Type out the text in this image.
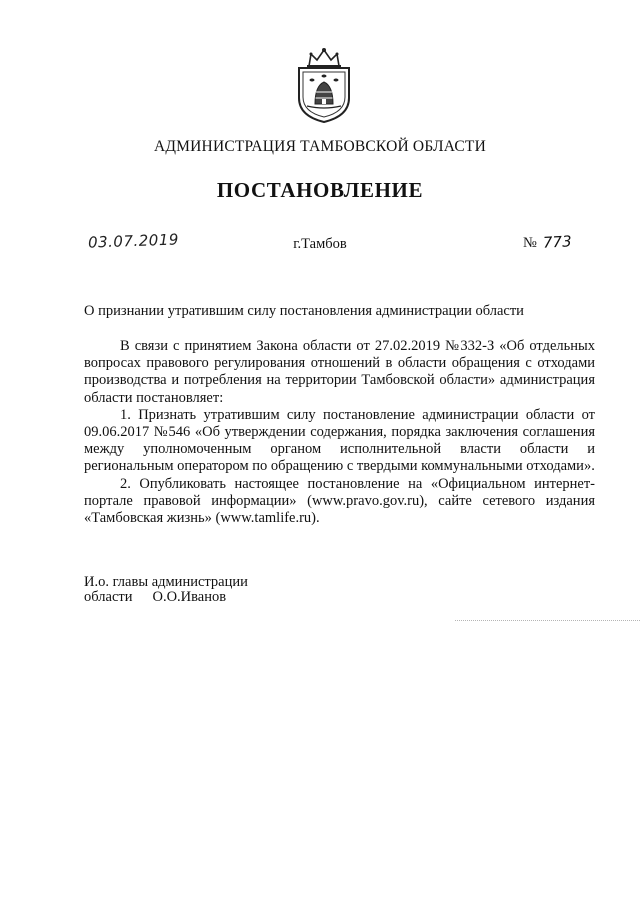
АДМИНИСТРАЦИЯ ТАМБОВСКОЙ ОБЛАСТИ
ПОСТАНОВЛЕНИЕ
03.07.2019	г.Тамбов	№ 773
О признании утратившим силу постановления администрации области

В связи с принятием Закона области от 27.02.2019 №332-З «Об отдельных вопросах правового регулирования отношений в области обращения с отходами производства и потребления на территории Тамбовской области» администрация области постановляет:

1. Признать утратившим силу постановление администрации области от 09.06.2017 №546 «Об утверждении содержания, порядка заключения соглашения между уполномоченным органом исполнительной власти области и региональным оператором по обращению с твердыми коммунальными отходами».

2. Опубликовать настоящее постановление на «Официальном интернет-портале правовой информации» (www.pravo.gov.ru), сайте сетевого издания «Тамбовская жизнь» (www.tamlife.ru).

И.о. главы администрации
области О.О.Иванов
